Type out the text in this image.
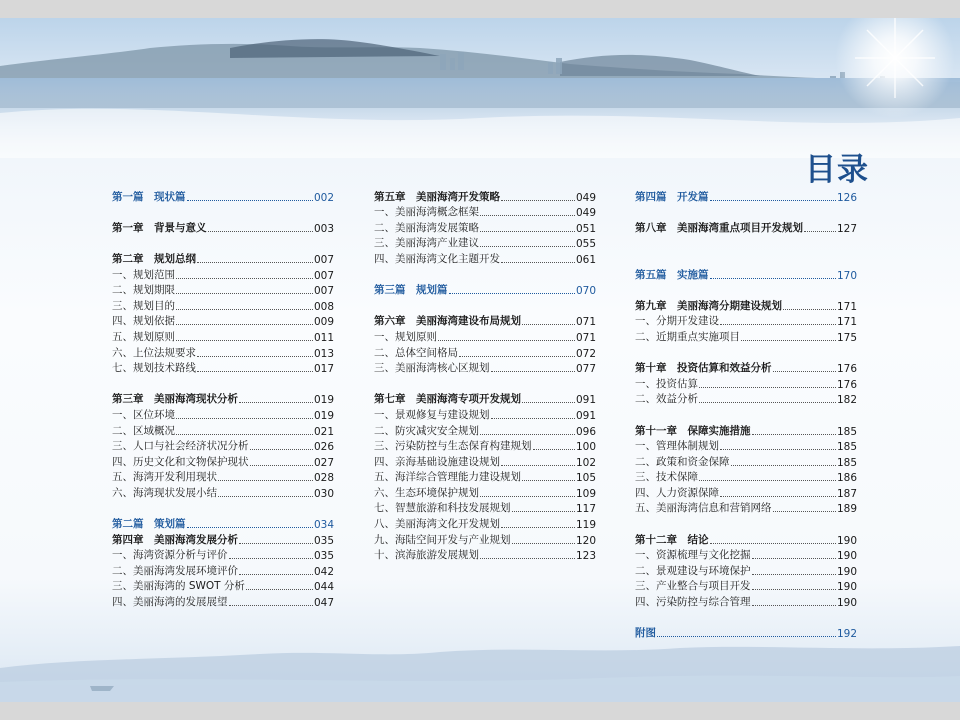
目录
第一篇　现状篇	002
第一章　背景与意义	003
第二章　规划总纲	007
一、规划范围	007
二、规划期限	007
三、规划目的	008
四、规划依据	009
五、规划原则	011
六、上位法规要求	013
七、规划技术路线	017
第三章　美丽海湾现状分析	019
一、区位环境	019
二、区域概况	021
三、人口与社会经济状况分析	026
四、历史文化和文物保护现状	027
五、海湾开发利用现状	028
六、海湾现状发展小结	030
第二篇　策划篇	034
第四章　美丽海湾发展分析	035
一、海湾资源分析与评价	035
二、美丽海湾发展环境评价	042
三、美丽海湾的 SWOT 分析	044
四、美丽海湾的发展展望	047
第五章　美丽海湾开发策略	049
一、美丽海湾概念框架	049
二、美丽海湾发展策略	051
三、美丽海湾产业建议	055
四、美丽海湾文化主题开发	061
第三篇　规划篇	070
第六章　美丽海湾建设布局规划	071
一、规划原则	071
二、总体空间格局	072
三、美丽海湾核心区规划	077
第七章　美丽海湾专项开发规划	091
一、景观修复与建设规划	091
二、防灾减灾安全规划	096
三、污染防控与生态保育构建规划	100
四、亲海基础设施建设规划	102
五、海洋综合管理能力建设规划	105
六、生态环境保护规划	109
七、智慧旅游和科技发展规划	117
八、美丽海湾文化开发规划	119
九、海陆空间开发与产业规划	120
十、滨海旅游发展规划	123
第四篇　开发篇	126
第八章　美丽海湾重点项目开发规划	127
第五篇　实施篇	170
第九章　美丽海湾分期建设规划	171
一、分期开发建设	171
二、近期重点实施项目	175
第十章　投资估算和效益分析	176
一、投资估算	176
二、效益分析	182
第十一章　保障实施措施	185
一、管理体制规划	185
二、政策和资金保障	185
三、技术保障	186
四、人力资源保障	187
五、美丽海湾信息和营销网络	189
第十二章　结论	190
一、资源梳理与文化挖掘	190
二、景观建设与环境保护	190
三、产业整合与项目开发	190
四、污染防控与综合管理	190
附图	192
